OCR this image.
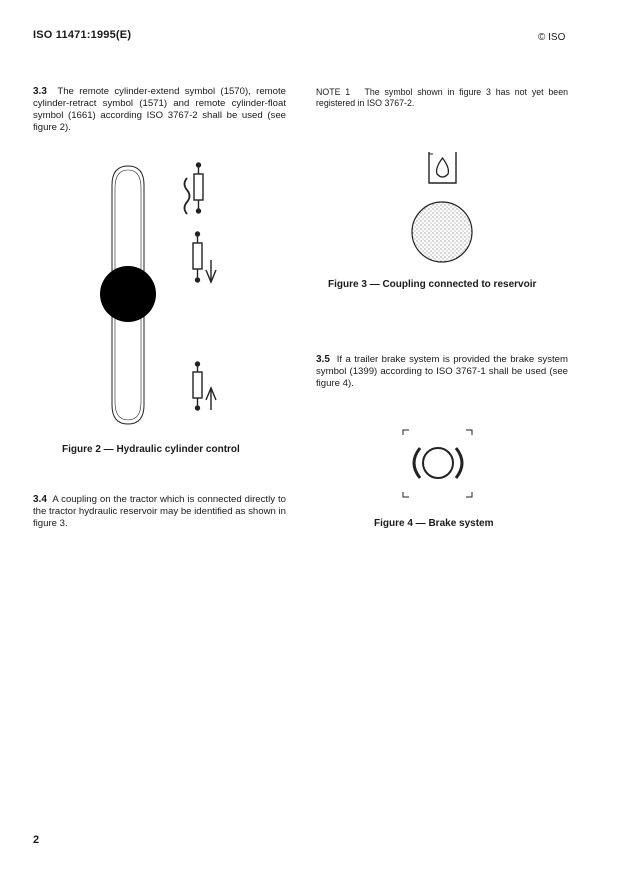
ISO 11471:1995(E)	© ISO
3.3 The remote cylinder-extend symbol (1570), remote cylinder-retract symbol (1571) and remote cylinder-float symbol (1661) according ISO 3767-2 shall be used (see figure 2).
NOTE 1 The symbol shown in figure 3 has not yet been registered in ISO 3767-2.
Figure 3 — Coupling connected to reservoir
3.5 If a trailer brake system is provided the brake system symbol (1399) according to ISO 3767-1 shall be used (see figure 4).
Figure 2 — Hydraulic cylinder control
3.4 A coupling on the tractor which is connected directly to the tractor hydraulic reservoir may be identified as shown in figure 3.	Figure 4 — Brake system
2
